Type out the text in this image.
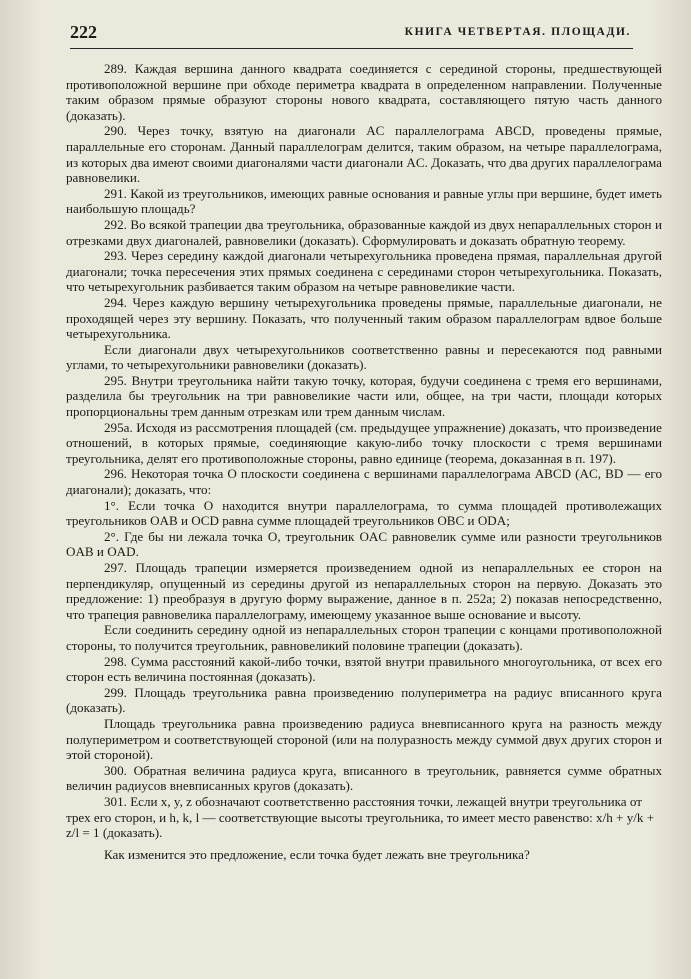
222	КНИГА ЧЕТВЕРТАЯ. ПЛОЩАДИ.

289. Каждая вершина данного квадрата соединяется с серединой стороны, предшествующей противоположной вершине при обходе периметра квадрата в определенном направлении. Полученные таким образом прямые образуют стороны нового квадрата, составляющего пятую часть данного (доказать).

290. Через точку, взятую на диагонали AC параллелограма ABCD, проведены прямые, параллельные его сторонам. Данный параллелограм делится, таким образом, на четыре параллелограма, из которых два имеют своими диагоналями части диагонали AC. Доказать, что два других параллелограма равновелики.

291. Какой из треугольников, имеющих равные основания и равные углы при вершине, будет иметь наибольшую площадь?

292. Во всякой трапеции два треугольника, образованные каждой из двух непараллельных сторон и отрезками двух диагоналей, равновелики (доказать). Сформулировать и доказать обратную теорему.

293. Через середину каждой диагонали четырехугольника проведена прямая, параллельная другой диагонали; точка пересечения этих прямых соединена с серединами сторон четырехугольника. Показать, что четырехугольник разбивается таким образом на четыре равновеликие части.

294. Через каждую вершину четырехугольника проведены прямые, параллельные диагонали, не проходящей через эту вершину. Показать, что полученный таким образом параллелограм вдвое больше четырехугольника.

Если диагонали двух четырехугольников соответственно равны и пересекаются под равными углами, то четырехугольники равновелики (доказать).

295. Внутри треугольника найти такую точку, которая, будучи соединена с тремя его вершинами, разделила бы треугольник на три равновеликие части или, общее, на три части, площади которых пропорциональны трем данным отрезкам или трем данным числам.

295a. Исходя из рассмотрения площадей (см. предыдущее упражнение) доказать, что произведение отношений, в которых прямые, соединяющие какую-либо точку плоскости с тремя вершинами треугольника, делят его противоположные стороны, равно единице (теорема, доказанная в п. 197).

296. Некоторая точка O плоскости соединена с вершинами параллелограма ABCD (AC, BD — его диагонали); доказать, что:

1°. Если точка O находится внутри параллелограма, то сумма площадей противолежащих треугольников OAB и OCD равна сумме площадей треугольников OBC и ODA;

2°. Где бы ни лежала точка O, треугольник OAC равновелик сумме или разности треугольников OAB и OAD.

297. Площадь трапеции измеряется произведением одной из непараллельных ее сторон на перпендикуляр, опущенный из середины другой из непараллельных сторон на первую. Доказать это предложение: 1) преобразуя в другую форму выражение, данное в п. 252a; 2) показав непосредственно, что трапеция равновелика параллелограму, имеющему указанное выше основание и высоту.

Если соединить середину одной из непараллельных сторон трапеции с концами противоположной стороны, то получится треугольник, равновеликий половине трапеции (доказать).

298. Сумма расстояний какой-либо точки, взятой внутри правильного многоугольника, от всех его сторон есть величина постоянная (доказать).

299. Площадь треугольника равна произведению полупериметра на радиус вписанного круга (доказать).

Площадь треугольника равна произведению радиуса вневписанного круга на разность между полупериметром и соответствующей стороной (или на полуразность между суммой двух других сторон и этой стороной).

300. Обратная величина радиуса круга, вписанного в треугольник, равняется сумме обратных величин радиусов вневписанных кругов (доказать).

301. Если x, y, z обозначают соответственно расстояния точки, лежащей внутри треугольника от трех его сторон, и h, k, l — соответствующие высоты треугольника, то имеет место равенство: x/h + y/k + z/l = 1 (доказать).

Как изменится это предложение, если точка будет лежать вне треугольника?
